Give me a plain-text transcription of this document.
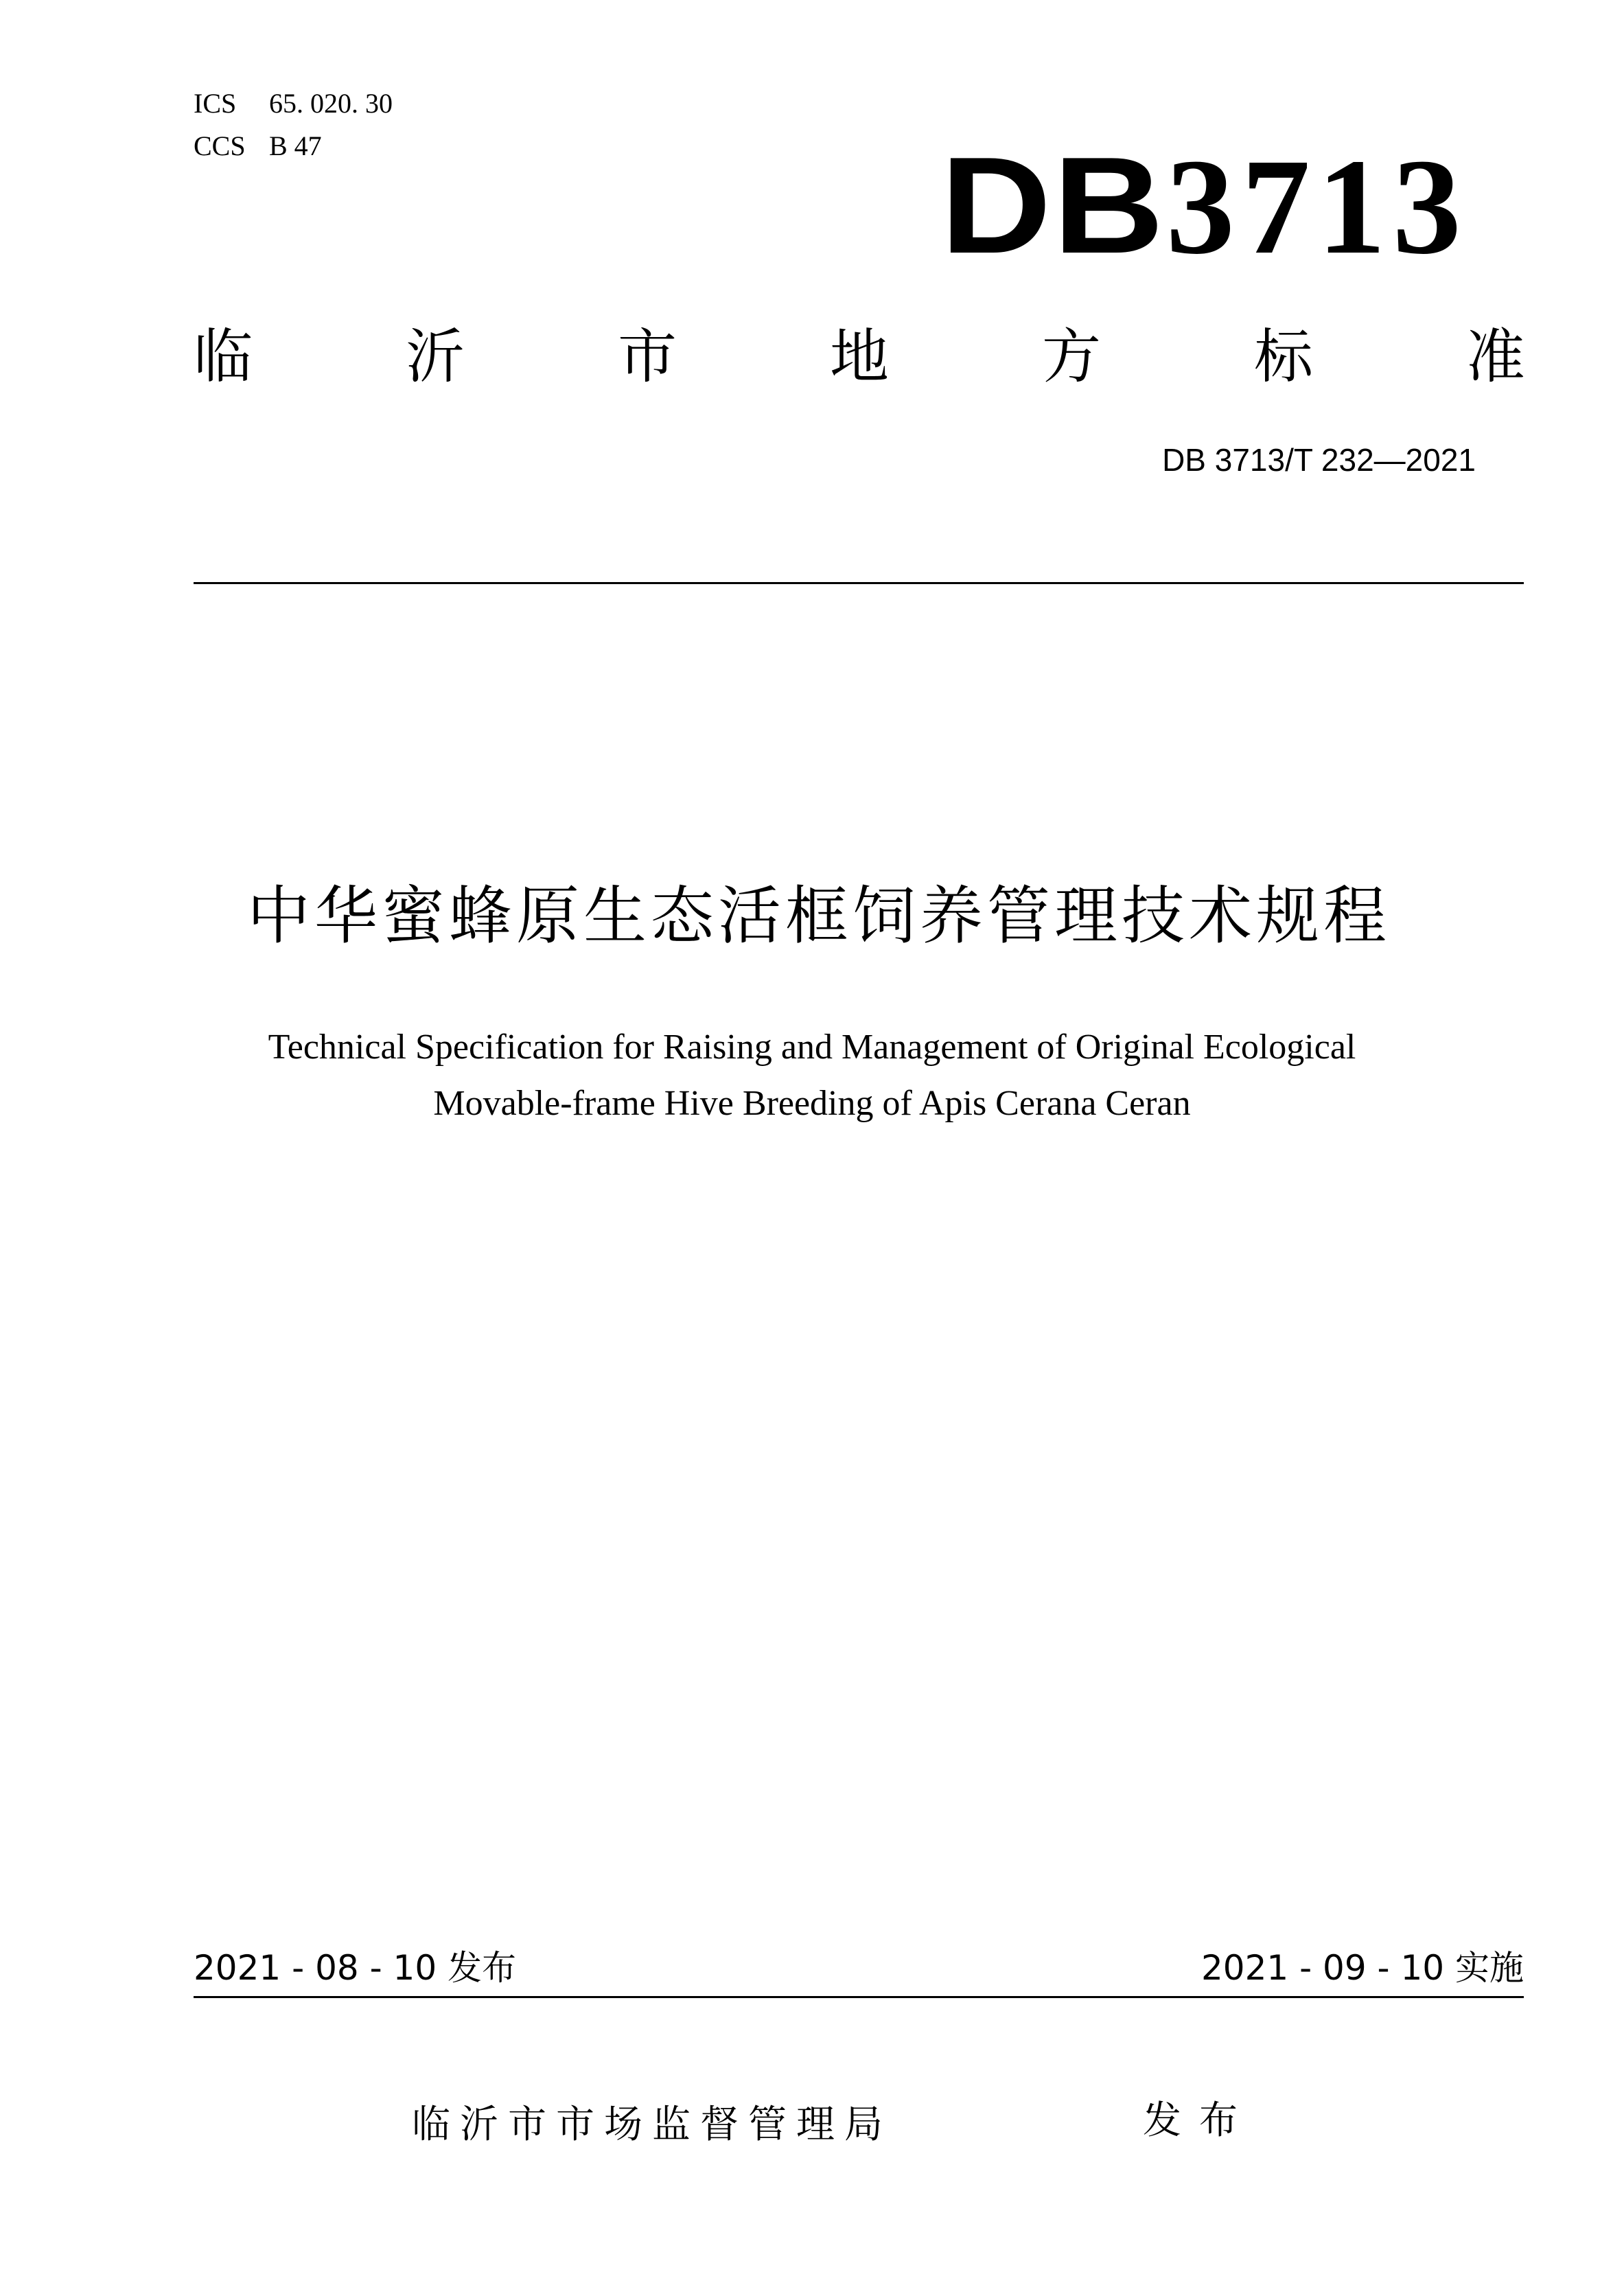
ICS 65. 020. 30
CCS B 47	DB3713
临	沂	市	地	方	标	准
DB 3713/T 232—2021
中华蜜蜂原生态活框饲养管理技术规程
Technical Specification for Raising and Management of Original Ecological
Movable-frame Hive Breeding of Apis Cerana Ceran
2021 - 08 - 10 发布	2021 - 09 - 10 实施
临沂市市场监督管理局	发布
